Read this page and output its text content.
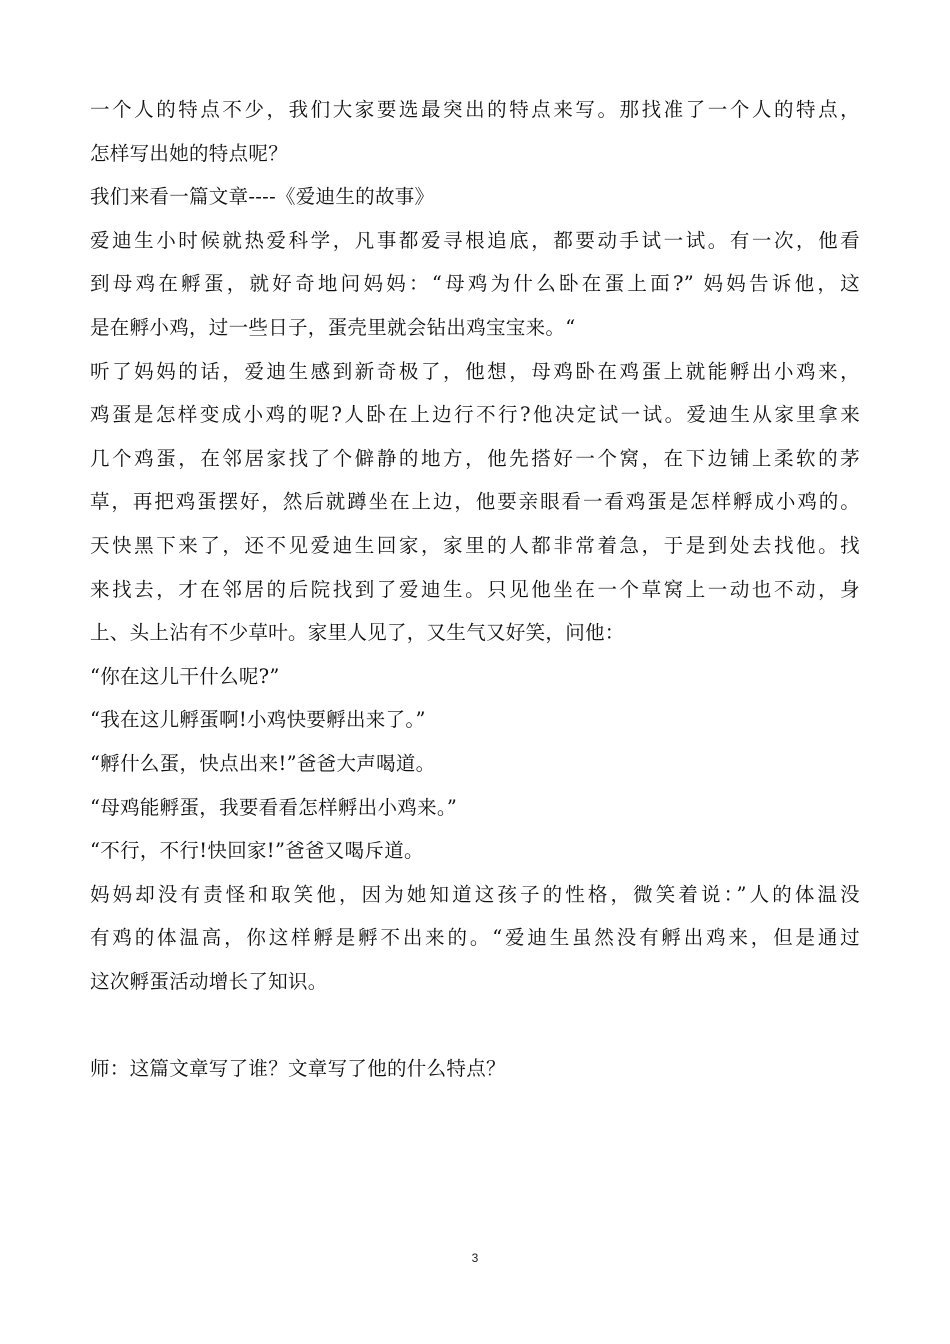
一个人的特点不少，我们大家要选最突出的特点来写。那找准了一个人的特点，
怎样写出她的特点呢？
我们来看一篇文章----《爱迪生的故事》
爱迪生小时候就热爱科学，凡事都爱寻根追底，都要动手试一试。有一次，他看
到母鸡在孵蛋，就好奇地问妈妈：“母鸡为什么卧在蛋上面?” 妈妈告诉他，这
是在孵小鸡，过一些日子，蛋壳里就会钻出鸡宝宝来。“
听了妈妈的话，爱迪生感到新奇极了，他想，母鸡卧在鸡蛋上就能孵出小鸡来，
鸡蛋是怎样变成小鸡的呢?人卧在上边行不行?他决定试一试。爱迪生从家里拿来
几个鸡蛋，在邻居家找了个僻静的地方，他先搭好一个窝，在下边铺上柔软的茅
草，再把鸡蛋摆好，然后就蹲坐在上边，他要亲眼看一看鸡蛋是怎样孵成小鸡的。
天快黑下来了，还不见爱迪生回家，家里的人都非常着急，于是到处去找他。找
来找去，才在邻居的后院找到了爱迪生。只见他坐在一个草窝上一动也不动，身
上、头上沾有不少草叶。家里人见了，又生气又好笑，问他：
“你在这儿干什么呢?”
“我在这儿孵蛋啊!小鸡快要孵出来了。”
“孵什么蛋，快点出来!”爸爸大声喝道。
“母鸡能孵蛋，我要看看怎样孵出小鸡来。”
“不行，不行!快回家!”爸爸又喝斥道。
妈妈却没有责怪和取笑他，因为她知道这孩子的性格，微笑着说：”人的体温没
有鸡的体温高，你这样孵是孵不出来的。“爱迪生虽然没有孵出鸡来，但是通过
这次孵蛋活动增长了知识。
师：这篇文章写了谁？文章写了他的什么特点？
3
